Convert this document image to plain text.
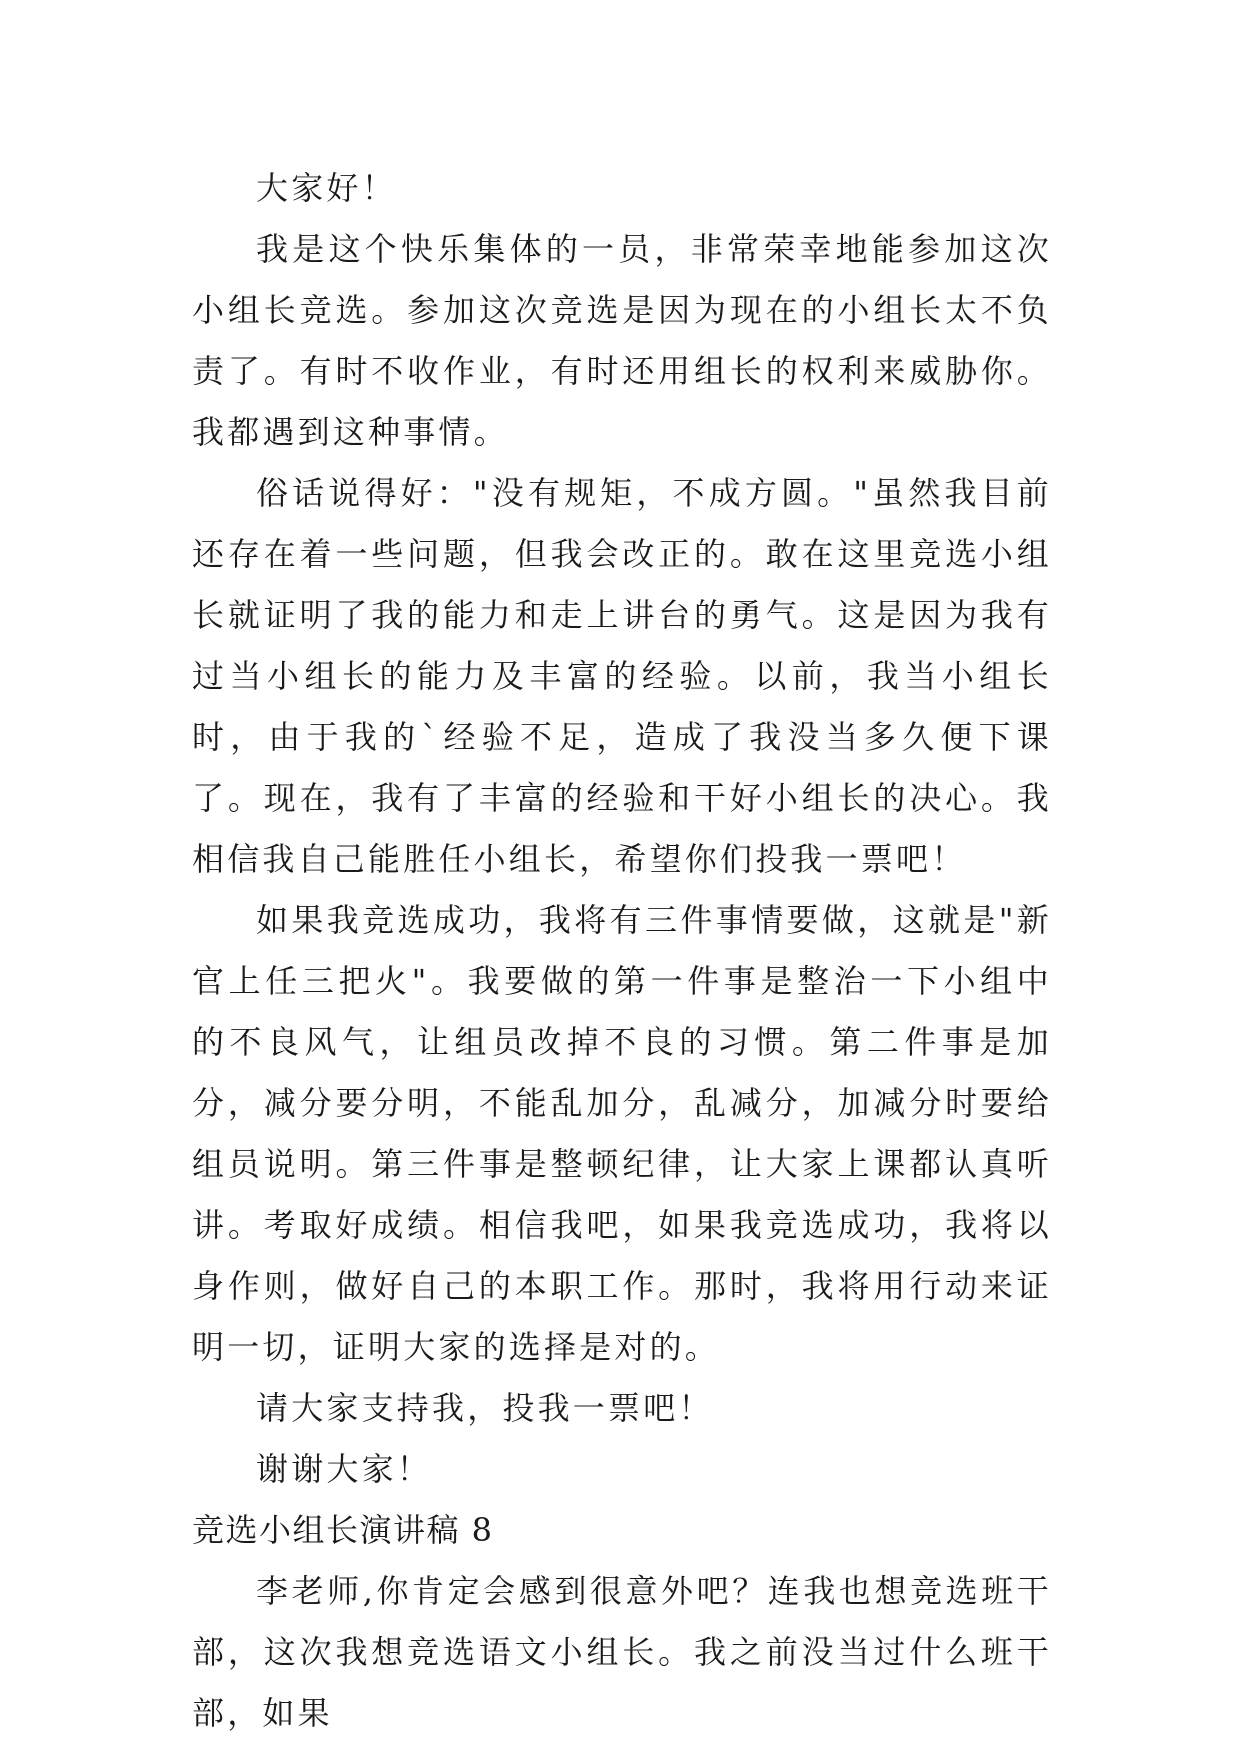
大家好！

我是这个快乐集体的一员，非常荣幸地能参加这次小组长竞选。参加这次竞选是因为现在的小组长太不负责了。有时不收作业，有时还用组长的权利来威胁你。我都遇到这种事情。

俗话说得好："没有规矩，不成方圆。"虽然我目前还存在着一些问题，但我会改正的。敢在这里竞选小组长就证明了我的能力和走上讲台的勇气。这是因为我有过当小组长的能力及丰富的经验。以前，我当小组长时，由于我的`经验不足，造成了我没当多久便下课了。现在，我有了丰富的经验和干好小组长的决心。我相信我自己能胜任小组长，希望你们投我一票吧！

如果我竞选成功，我将有三件事情要做，这就是"新官上任三把火"。我要做的第一件事是整治一下小组中的不良风气，让组员改掉不良的习惯。第二件事是加分，减分要分明，不能乱加分，乱减分，加减分时要给组员说明。第三件事是整顿纪律，让大家上课都认真听讲。考取好成绩。相信我吧，如果我竞选成功，我将以身作则，做好自己的本职工作。那时，我将用行动来证明一切，证明大家的选择是对的。

请大家支持我，投我一票吧！

谢谢大家！

竞选小组长演讲稿 8

李老师,你肯定会感到很意外吧？连我也想竞选班干部，这次我想竞选语文小组长。我之前没当过什么班干部，如果
